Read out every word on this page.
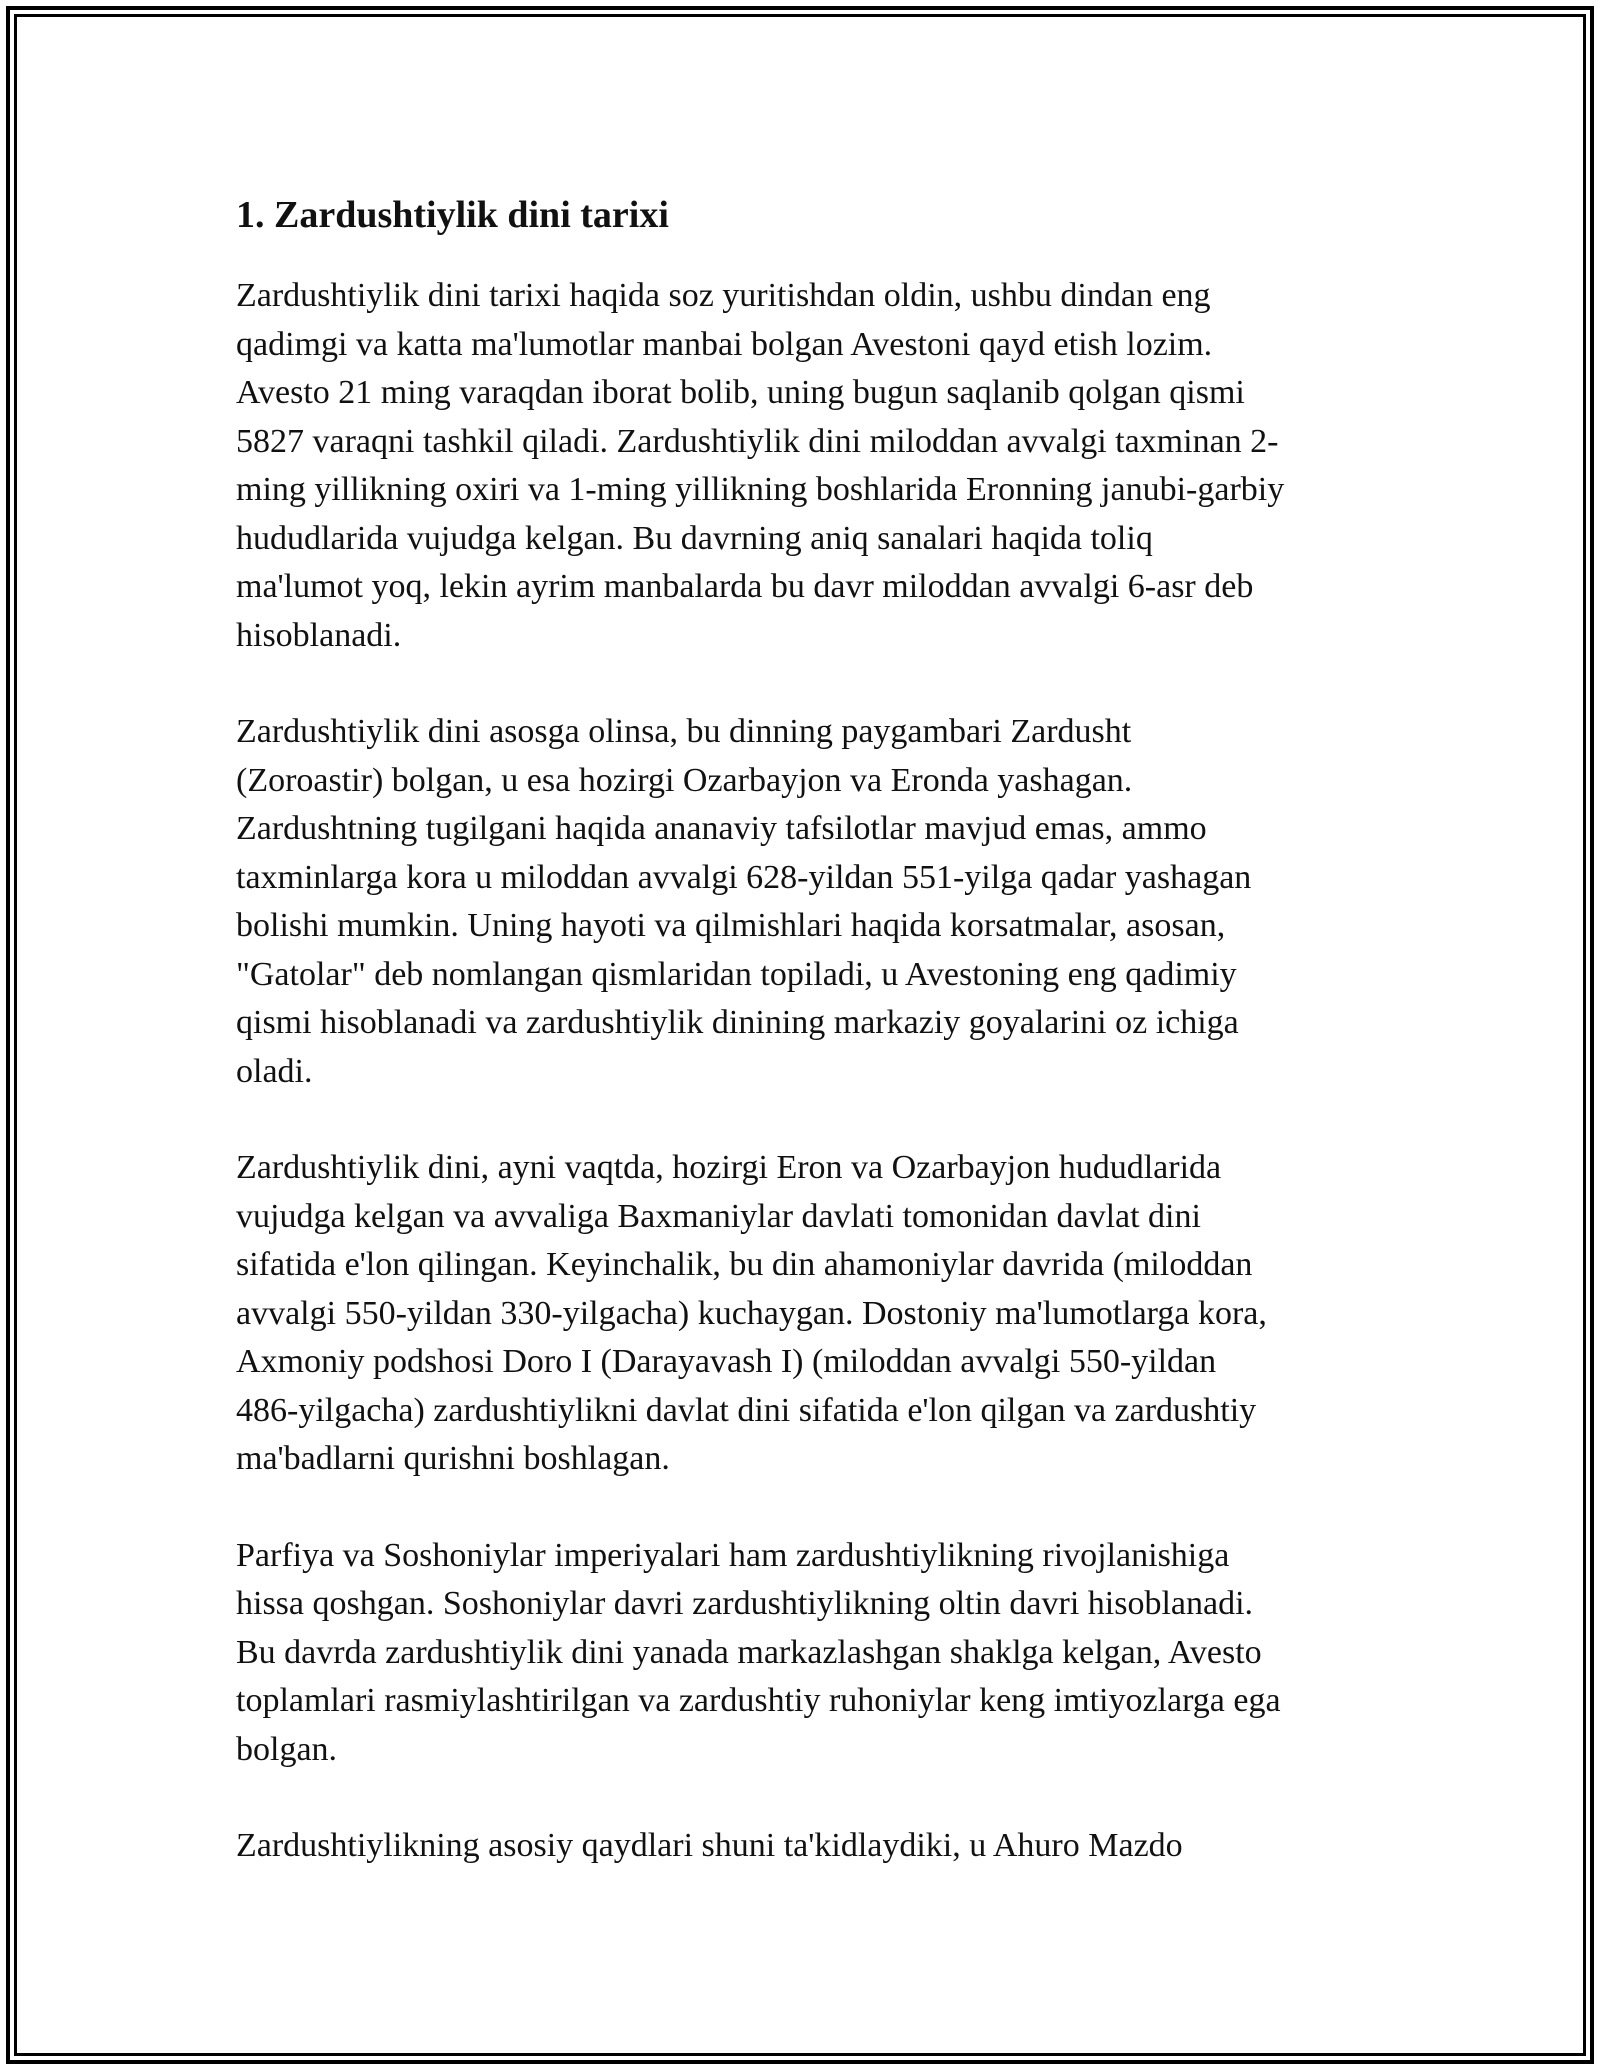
1. Zardushtiylik dini tarixi

Zardushtiylik dini tarixi haqida soz yuritishdan oldin, ushbu dindan eng
qadimgi va katta ma'lumotlar manbai bolgan Avestoni qayd etish lozim.
Avesto 21 ming varaqdan iborat bolib, uning bugun saqlanib qolgan qismi
5827 varaqni tashkil qiladi. Zardushtiylik dini miloddan avvalgi taxminan 2-
ming yillikning oxiri va 1-ming yillikning boshlarida Eronning janubi-garbiy
hududlarida vujudga kelgan. Bu davrning aniq sanalari haqida toliq
ma'lumot yoq, lekin ayrim manbalarda bu davr miloddan avvalgi 6-asr deb
hisoblanadi.

Zardushtiylik dini asosga olinsa, bu dinning paygambari Zardusht
(Zoroastir) bolgan, u esa hozirgi Ozarbayjon va Eronda yashagan.
Zardushtning tugilgani haqida ananaviy tafsilotlar mavjud emas, ammo
taxminlarga kora u miloddan avvalgi 628-yildan 551-yilga qadar yashagan
bolishi mumkin. Uning hayoti va qilmishlari haqida korsatmalar, asosan,
"Gatolar" deb nomlangan qismlaridan topiladi, u Avestoning eng qadimiy
qismi hisoblanadi va zardushtiylik dinining markaziy goyalarini oz ichiga
oladi.

Zardushtiylik dini, ayni vaqtda, hozirgi Eron va Ozarbayjon hududlarida
vujudga kelgan va avvaliga Baxmaniylar davlati tomonidan davlat dini
sifatida e'lon qilingan. Keyinchalik, bu din ahamoniylar davrida (miloddan
avvalgi 550-yildan 330-yilgacha) kuchaygan. Dostoniy ma'lumotlarga kora,
Axmoniy podshosi Doro I (Darayavash I) (miloddan avvalgi 550-yildan
486-yilgacha) zardushtiylikni davlat dini sifatida e'lon qilgan va zardushtiy
ma'badlarni qurishni boshlagan.

Parfiya va Soshoniylar imperiyalari ham zardushtiylikning rivojlanishiga
hissa qoshgan. Soshoniylar davri zardushtiylikning oltin davri hisoblanadi.
Bu davrda zardushtiylik dini yanada markazlashgan shaklga kelgan, Avesto
toplamlari rasmiylashtirilgan va zardushtiy ruhoniylar keng imtiyozlarga ega
bolgan.

Zardushtiylikning asosiy qaydlari shuni ta'kidlaydiki, u Ahuro Mazdo
